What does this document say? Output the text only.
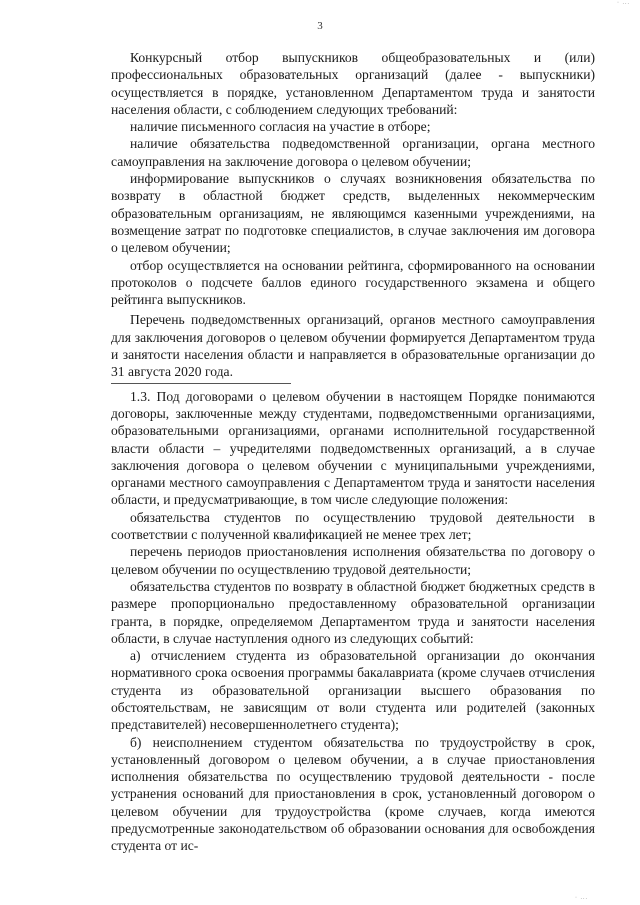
· ...
3

Конкурсный отбор выпускников общеобразовательных и (или) профессиональных образовательных организаций (далее - выпускники) осуществляется в порядке, установленном Департаментом труда и занятости населения области, с соблюдением следующих требований:

наличие письменного согласия на участие в отборе;

наличие обязательства подведомственной организации, органа местного самоуправления на заключение договора о целевом обучении;

информирование выпускников о случаях возникновения обязательства по возврату в областной бюджет средств, выделенных некоммерческим образовательным организациям, не являющимся казенными учреждениями, на возмещение затрат по подготовке специалистов, в случае заключения им договора о целевом обучении;

отбор осуществляется на основании рейтинга, сформированного на основании протоколов о подсчете баллов единого государственного экзамена и общего рейтинга выпускников.

Перечень подведомственных организаций, органов местного самоуправления для заключения договоров о целевом обучении формируется Департаментом труда и занятости населения области и направляется в образовательные организации до 31 августа 2020 года.

1.3. Под договорами о целевом обучении в настоящем Порядке понимаются договоры, заключенные между студентами, подведомственными организациями, образовательными организациями, органами исполнительной государственной власти области – учредителями подведомственных организаций, а в случае заключения договора о целевом обучении с муниципальными учреждениями, органами местного самоуправления с Департаментом труда и занятости населения области, и предусматривающие, в том числе следующие положения:

обязательства студентов по осуществлению трудовой деятельности в соответствии с полученной квалификацией не менее трех лет;

перечень периодов приостановления исполнения обязательства по договору о целевом обучении по осуществлению трудовой деятельности;

обязательства студентов по возврату в областной бюджет бюджетных средств в размере пропорционально предоставленному образовательной организации гранта, в порядке, определяемом Департаментом труда и занятости населения области, в случае наступления одного из следующих событий:

а) отчислением студента из образовательной организации до окончания нормативного срока освоения программы бакалавриата (кроме случаев отчисления студента из образовательной организации высшего образования по обстоятельствам, не зависящим от воли студента или родителей (законных представителей) несовершеннолетнего студента);

б) неисполнением студентом обязательства по трудоустройству в срок, установленный договором о целевом обучении, а в случае приостановления исполнения обязательства по осуществлению трудовой деятельности - после устранения оснований для приостановления в срок, установленный договором о целевом обучении для трудоустройства (кроме случаев, когда имеются предусмотренные законодательством об образовании основания для освобождения студента от ис-

· ...
